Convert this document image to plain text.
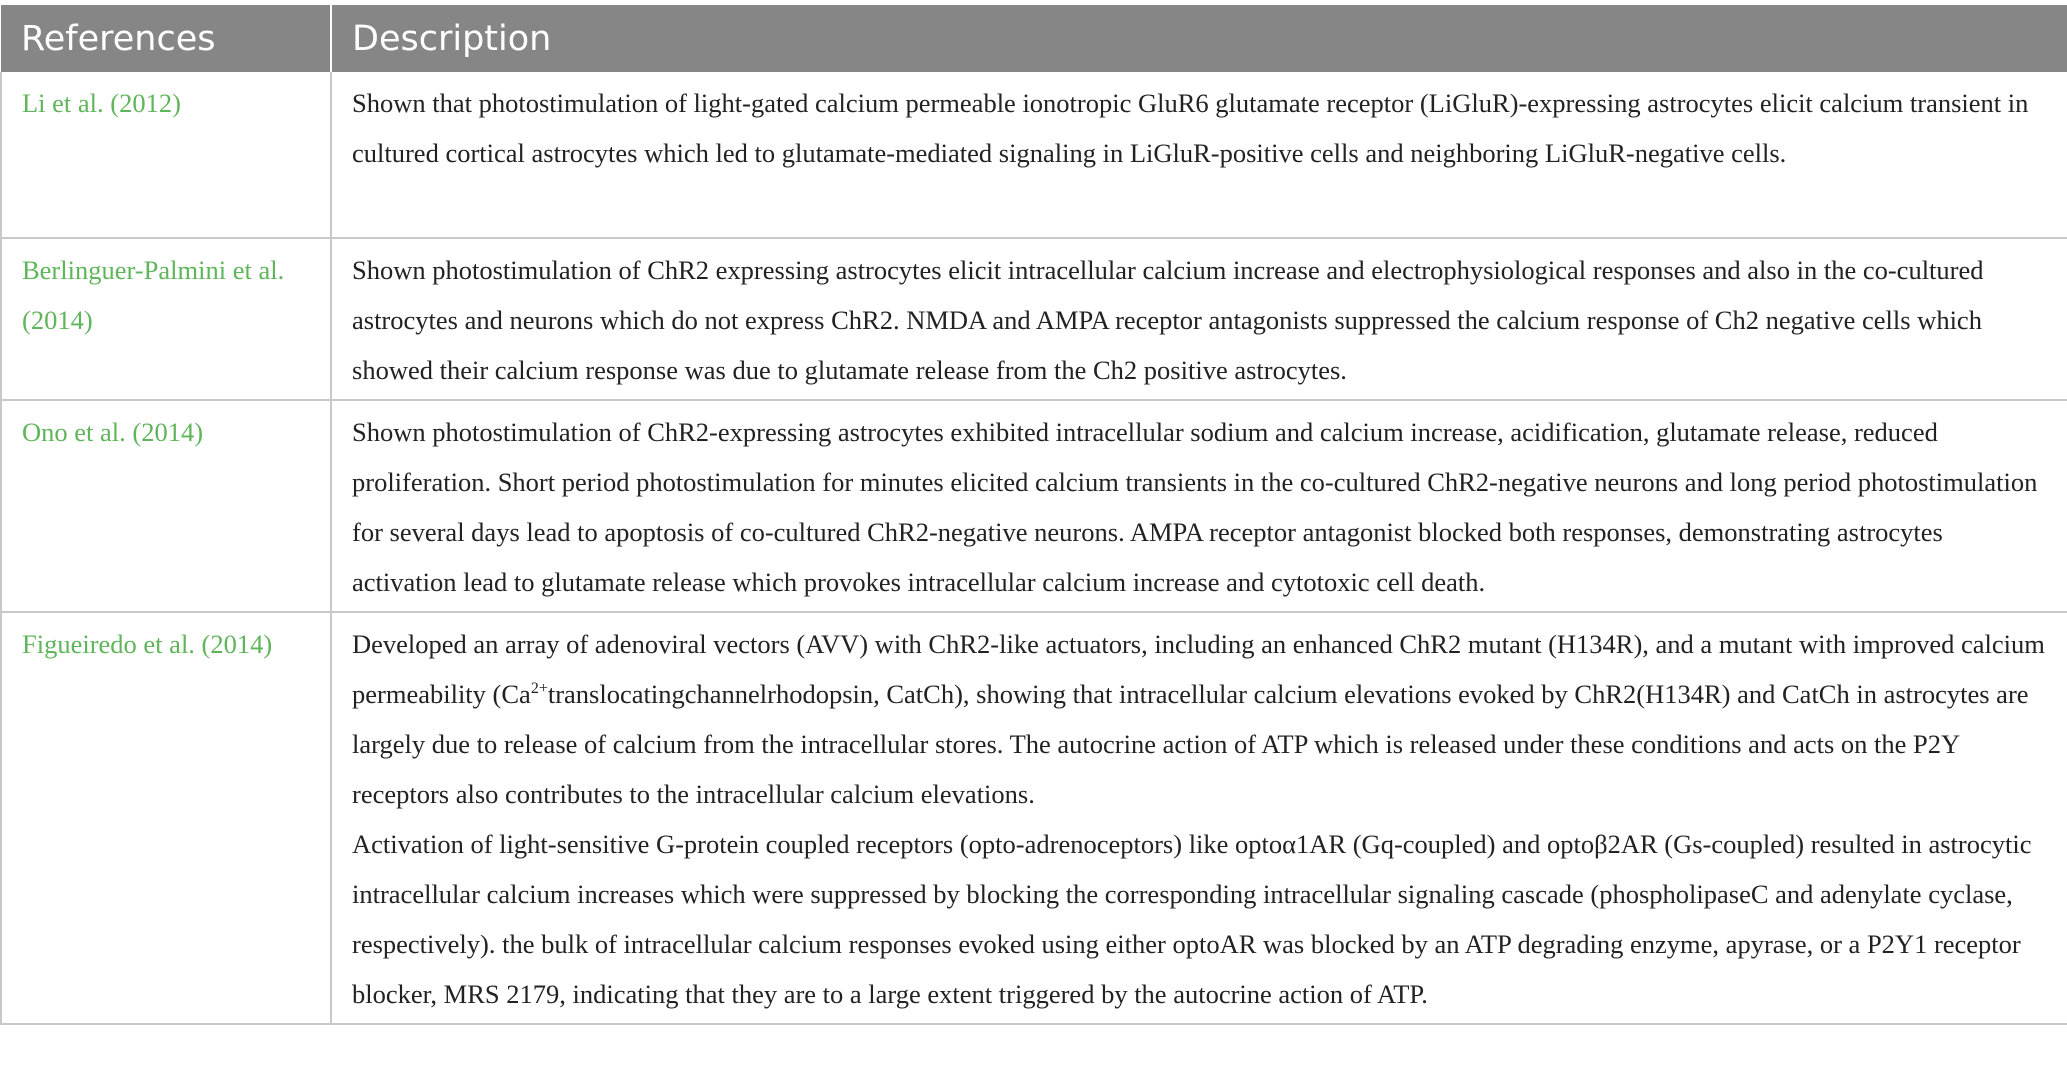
References	Description
Li et al. (2012)	Shown that photostimulation of light-gated calcium permeable ionotropic GluR6 glutamate receptor (LiGluR)-expressing astrocytes elicit calcium transient in cultured cortical astrocytes which led to glutamate-mediated signaling in LiGluR-positive cells and neighboring LiGluR-negative cells.
Berlinguer-Palmini et al. (2014)	Shown photostimulation of ChR2 expressing astrocytes elicit intracellular calcium increase and electrophysiological responses and also in the co-cultured astrocytes and neurons which do not express ChR2. NMDA and AMPA receptor antagonists suppressed the calcium response of Ch2 negative cells which showed their calcium response was due to glutamate release from the Ch2 positive astrocytes.
Ono et al. (2014)	Shown photostimulation of ChR2-expressing astrocytes exhibited intracellular sodium and calcium increase, acidification, glutamate release, reduced proliferation. Short period photostimulation for minutes elicited calcium transients in the co-cultured ChR2-negative neurons and long period photostimulation for several days lead to apoptosis of co-cultured ChR2-negative neurons. AMPA receptor antagonist blocked both responses, demonstrating astrocytes activation lead to glutamate release which provokes intracellular calcium increase and cytotoxic cell death.
Figueiredo et al. (2014)	Developed an array of adenoviral vectors (AVV) with ChR2-like actuators, including an enhanced ChR2 mutant (H134R), and a mutant with improved calcium permeability ($Ca^{2+}translocatingchannelrhodopsin$, CatCh), showing that intracellular calcium elevations evoked by ChR2(H134R) and CatCh in astrocytes are largely due to release of calcium from the intracellular stores. The autocrine action of ATP which is released under these conditions and acts on the P2Y receptors also contributes to the intracellular calcium elevations.

Activation of light-sensitive G-protein coupled receptors (opto-adrenoceptors) like optoα1AR (Gq-coupled) and optoβ2AR (Gs-coupled) resulted in astrocytic intracellular calcium increases which were suppressed by blocking the corresponding intracellular signaling cascade (phospholipaseC and adenylate cyclase, respectively). the bulk of intracellular calcium responses evoked using either optoAR was blocked by an ATP degrading enzyme, apyrase, or a P2Y1 receptor blocker, MRS 2179, indicating that they are to a large extent triggered by the autocrine action of ATP.
